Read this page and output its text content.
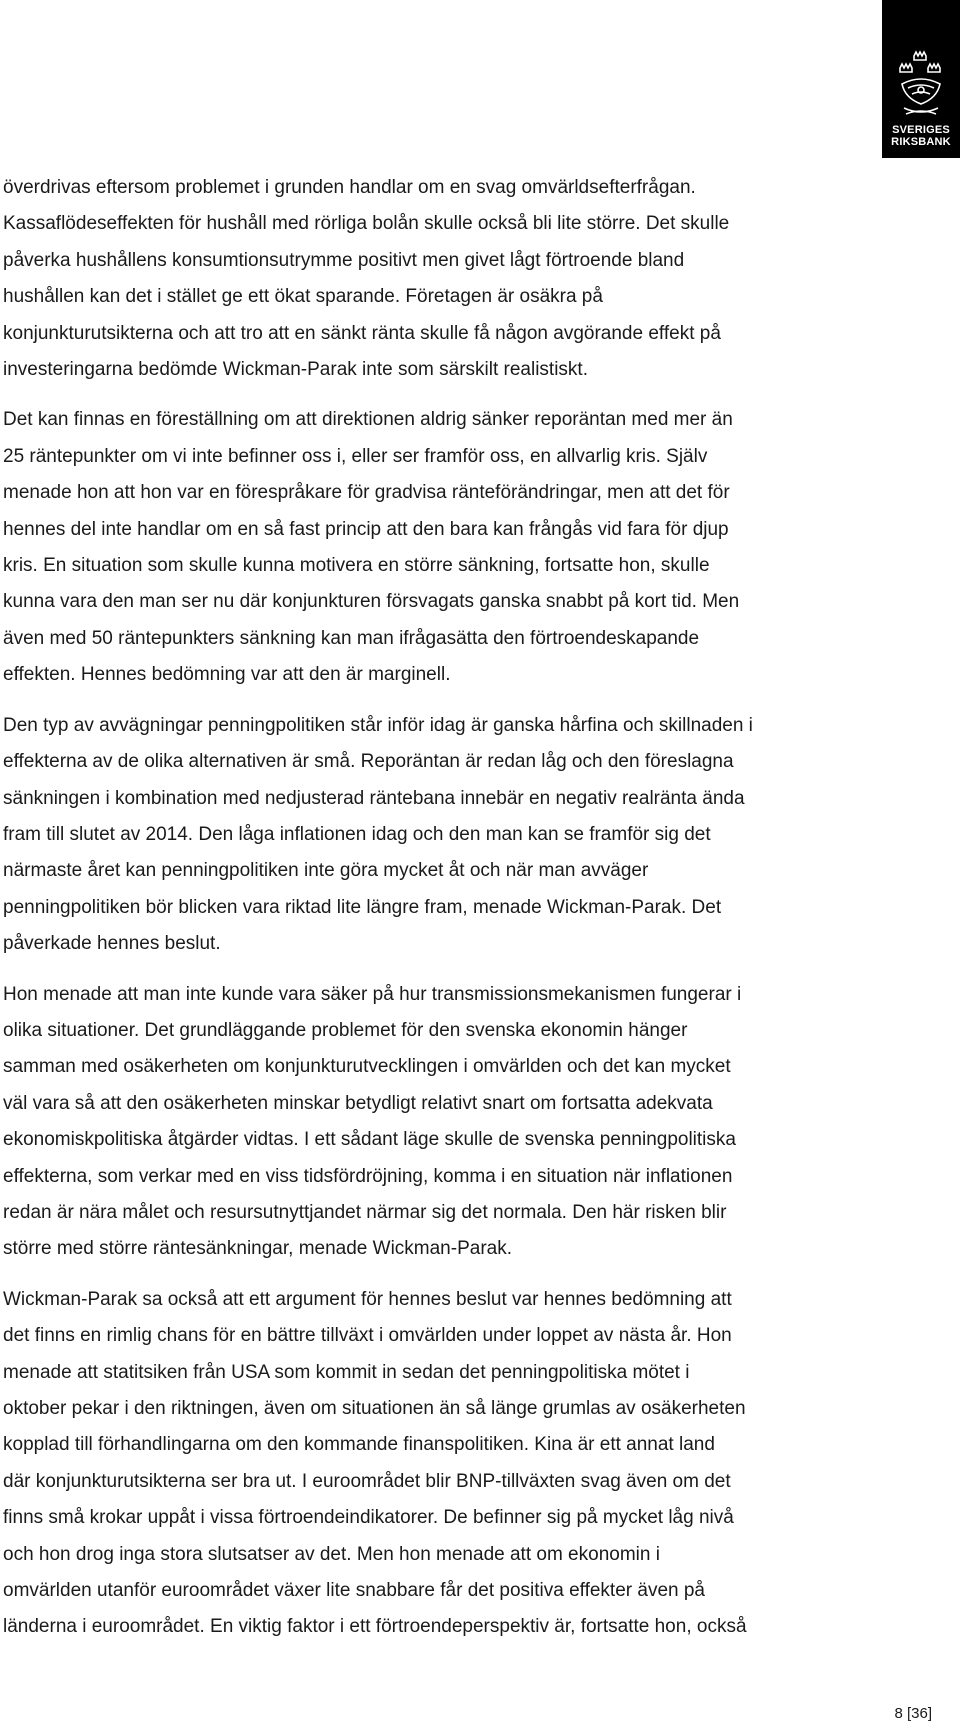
SVERIGES
RIKSBANK

överdrivas eftersom problemet i grunden handlar om en svag omvärldsefterfrågan.
Kassaflödeseffekten för hushåll med rörliga bolån skulle också bli lite större. Det skulle
påverka hushållens konsumtionsutrymme positivt men givet lågt förtroende bland
hushållen kan det i stället ge ett ökat sparande. Företagen är osäkra på
konjunkturutsikterna och att tro att en sänkt ränta skulle få någon avgörande effekt på
investeringarna bedömde Wickman-Parak inte som särskilt realistiskt.

Det kan finnas en föreställning om att direktionen aldrig sänker reporäntan med mer än
25 räntepunkter om vi inte befinner oss i, eller ser framför oss, en allvarlig kris. Själv
menade hon att hon var en förespråkare för gradvisa ränteförändringar, men att det för
hennes del inte handlar om en så fast princip att den bara kan frångås vid fara för djup
kris. En situation som skulle kunna motivera en större sänkning, fortsatte hon, skulle
kunna vara den man ser nu där konjunkturen försvagats ganska snabbt på kort tid. Men
även med 50 räntepunkters sänkning kan man ifrågasätta den förtroendeskapande
effekten. Hennes bedömning var att den är marginell.

Den typ av avvägningar penningpolitiken står inför idag är ganska hårfina och skillnaden i
effekterna av de olika alternativen är små. Reporäntan är redan låg och den föreslagna
sänkningen i kombination med nedjusterad räntebana innebär en negativ realränta ända
fram till slutet av 2014. Den låga inflationen idag och den man kan se framför sig det
närmaste året kan penningpolitiken inte göra mycket åt och när man avväger
penningpolitiken bör blicken vara riktad lite längre fram, menade Wickman-Parak. Det
påverkade hennes beslut.

Hon menade att man inte kunde vara säker på hur transmissionsmekanismen fungerar i
olika situationer. Det grundläggande problemet för den svenska ekonomin hänger
samman med osäkerheten om konjunkturutvecklingen i omvärlden och det kan mycket
väl vara så att den osäkerheten minskar betydligt relativt snart om fortsatta adekvata
ekonomiskpolitiska åtgärder vidtas. I ett sådant läge skulle de svenska penningpolitiska
effekterna, som verkar med en viss tidsfördröjning, komma i en situation när inflationen
redan är nära målet och resursutnyttjandet närmar sig det normala. Den här risken blir
större med större räntesänkningar, menade Wickman-Parak.

Wickman-Parak sa också att ett argument för hennes beslut var hennes bedömning att
det finns en rimlig chans för en bättre tillväxt i omvärlden under loppet av nästa år. Hon
menade att statitsiken från USA som kommit in sedan det penningpolitiska mötet i
oktober pekar i den riktningen, även om situationen än så länge grumlas av osäkerheten
kopplad till förhandlingarna om den kommande finanspolitiken. Kina är ett annat land
där konjunkturutsikterna ser bra ut. I euroområdet blir BNP-tillväxten svag även om det
finns små krokar uppåt i vissa förtroendeindikatorer. De befinner sig på mycket låg nivå
och hon drog inga stora slutsatser av det. Men hon menade att om ekonomin i
omvärlden utanför euroområdet växer lite snabbare får det positiva effekter även på
länderna i euroområdet. En viktig faktor i ett förtroendeperspektiv är, fortsatte hon, också

8 [36]
